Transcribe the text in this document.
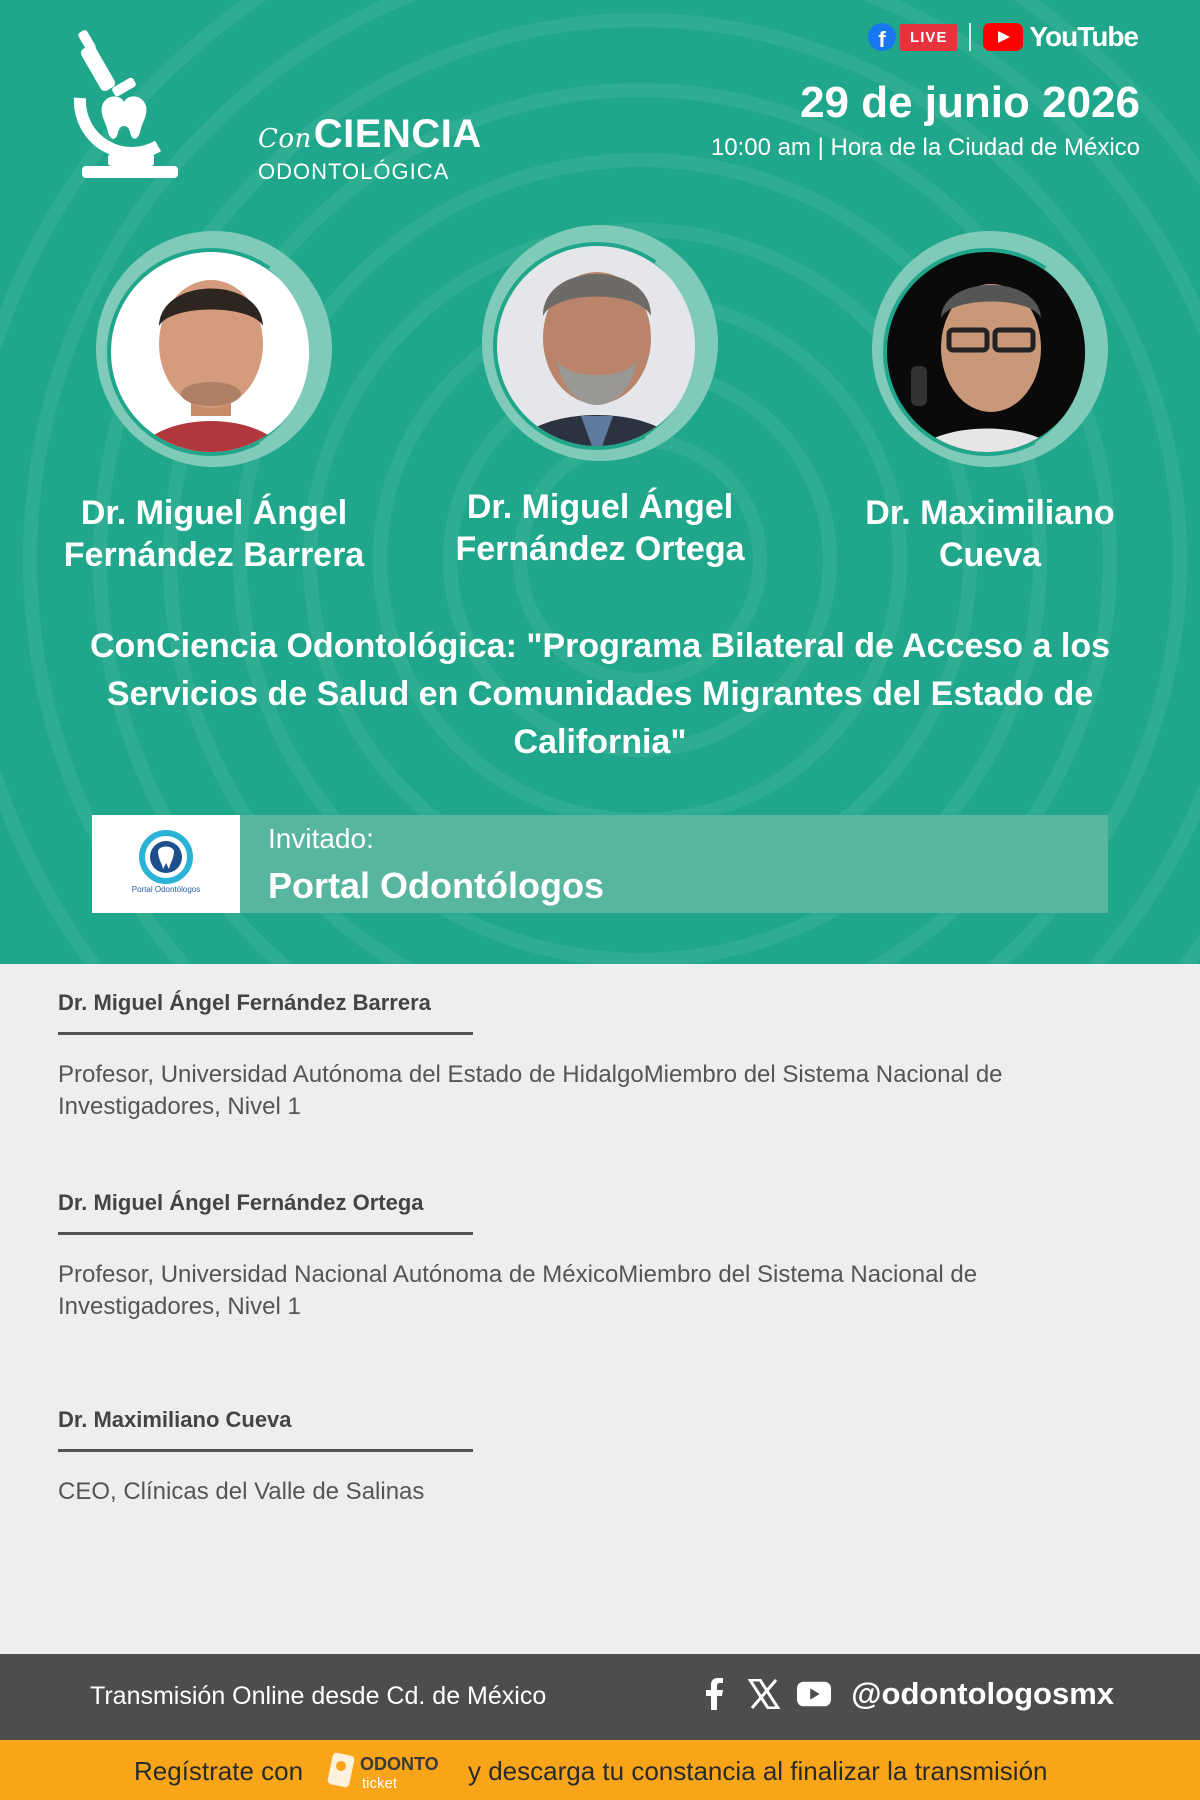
ConCIENCIA
ODONTOLÓGICA
f	LIVE	YouTube
29 de junio 2026
10:00 am | Hora de la Ciudad de México
Dr. Miguel Ángel
Fernández Barrera
Dr. Miguel Ángel
Fernández Ortega
Dr. Maximiliano
Cueva
ConCiencia Odontológica: "Programa Bilateral de Acceso a los Servicios de Salud en Comunidades Migrantes del Estado de California"
Portal Odontólogos
Invitado:
Portal Odontólogos
Dr. Miguel Ángel Fernández Barrera
Profesor, Universidad Autónoma del Estado de HidalgoMiembro del Sistema Nacional de Investigadores, Nivel 1
Dr. Miguel Ángel Fernández Ortega
Profesor, Universidad Nacional Autónoma de MéxicoMiembro del Sistema Nacional de Investigadores, Nivel 1
Dr. Maximiliano Cueva
CEO, Clínicas del Valle de Salinas
Transmisión Online desde Cd. de México	@odontologosmx
Regístrate con	ODONTO
ticket	y descarga tu constancia al finalizar la transmisión
